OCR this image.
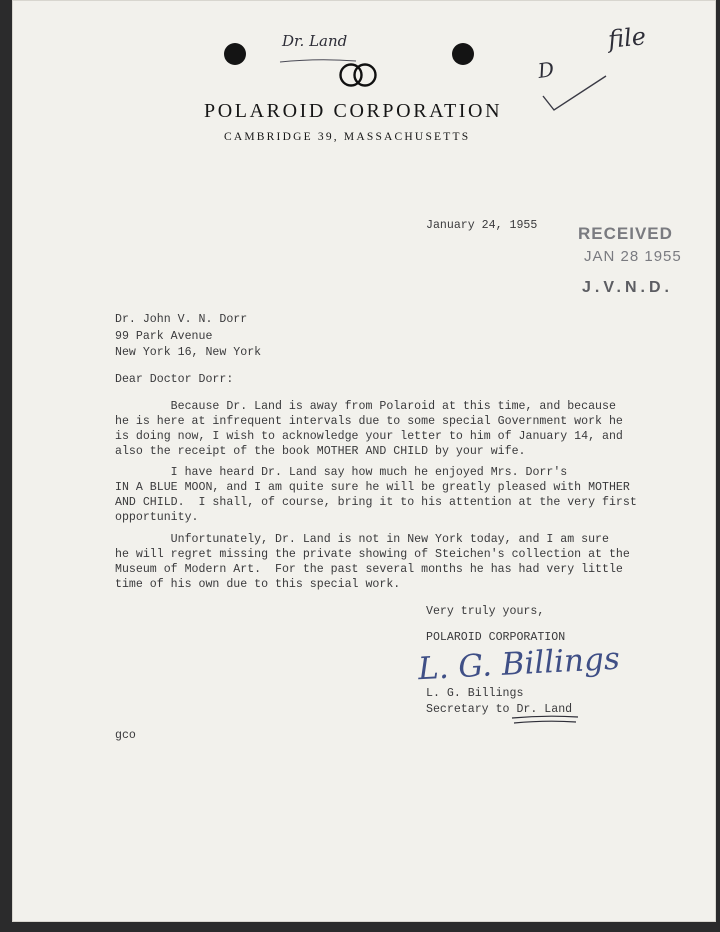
Dr. Land
POLAROID CORPORATION
CAMBRIDGE 39, MASSACHUSETTS
file
D
January 24, 1955 RECEIVED
JAN 28 1955
J.V.N.D.
Dr. John V. N. Dorr
99 Park Avenue
New York 16, New York
Dear Doctor Dorr:
Because Dr. Land is away from Polaroid at this time, and because
he is here at infrequent intervals due to some special Government work he
is doing now, I wish to acknowledge your letter to him of January 14, and
also the receipt of the book MOTHER AND CHILD by your wife.
I have heard Dr. Land say how much he enjoyed Mrs. Dorr's
IN A BLUE MOON, and I am quite sure he will be greatly pleased with MOTHER
AND CHILD.  I shall, of course, bring it to his attention at the very first
opportunity.
Unfortunately, Dr. Land is not in New York today, and I am sure
he will regret missing the private showing of Steichen's collection at the
Museum of Modern Art.  For the past several months he has had very little
time of his own due to this special work.
Very truly yours,
POLAROID CORPORATION
L. G. Billings
L. G. Billings
Secretary to Dr. Land
gco
